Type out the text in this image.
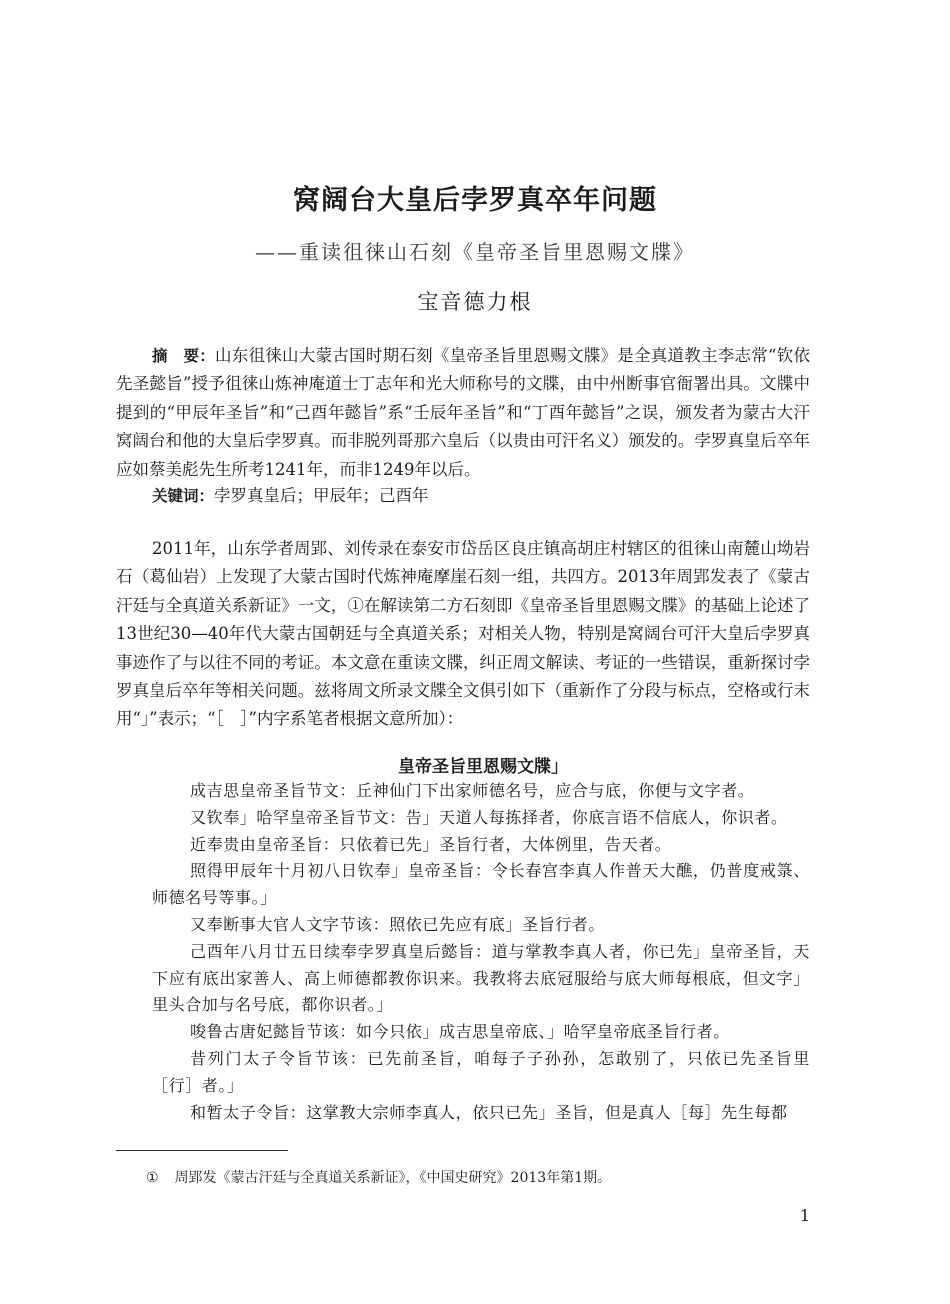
窝阔台大皇后孛罗真卒年问题
——重读徂徕山石刻《皇帝圣旨里恩赐文牒》
宝音德力根

摘　要：山东徂徕山大蒙古国时期石刻《皇帝圣旨里恩赐文牒》是全真道教主李志常“钦依先圣懿旨”授予徂徕山炼神庵道士丁志年和光大师称号的文牒，由中州断事官衙署出具。文牒中提到的“甲辰年圣旨”和“己酉年懿旨”系“壬辰年圣旨”和“丁酉年懿旨”之误，颁发者为蒙古大汗窝阔台和他的大皇后孛罗真。而非脱列哥那六皇后（以贵由可汗名义）颁发的。孛罗真皇后卒年应如蔡美彪先生所考1241年，而非1249年以后。

关键词：孛罗真皇后；甲辰年；己酉年

2011年，山东学者周郢、刘传录在泰安市岱岳区良庄镇高胡庄村辖区的徂徕山南麓山坳岩石（葛仙岩）上发现了大蒙古国时代炼神庵摩崖石刻一组，共四方。2013年周郢发表了《蒙古汗廷与全真道关系新证》一文，①在解读第二方石刻即《皇帝圣旨里恩赐文牒》的基础上论述了13世纪30—40年代大蒙古国朝廷与全真道关系；对相关人物，特别是窝阔台可汗大皇后孛罗真事迹作了与以往不同的考证。本文意在重读文牒，纠正周文解读、考证的一些错误，重新探讨孛罗真皇后卒年等相关问题。兹将周文所录文牒全文俱引如下（重新作了分段与标点，空格或行末用“」”表示；“［　］”内字系笔者根据文意所加）：

皇帝圣旨里恩赐文牒」

成吉思皇帝圣旨节文：丘神仙门下出家师德名号，应合与底，你便与文字者。

又钦奉」哈罕皇帝圣旨节文：告」天道人每拣择者，你底言语不信底人，你识者。

近奉贵由皇帝圣旨：只依着已先」圣旨行者，大体例里，告天者。

照得甲辰年十月初八日钦奉」皇帝圣旨：令长春宫李真人作普天大醮，仍普度戒箓、师德名号等事。」

又奉断事大官人文字节该：照依已先应有底」圣旨行者。

己酉年八月廿五日续奉孛罗真皇后懿旨：道与掌教李真人者，你已先」皇帝圣旨，天下应有底出家善人、高上师德都教你识来。我教将去底冠服给与底大师每根底，但文字」里头合加与名号底，都你识者。」

唆鲁古唐妃懿旨节该：如今只依」成吉思皇帝底、」哈罕皇帝底圣旨行者。

昔列门太子令旨节该：已先前圣旨，咱每子子孙孙，怎敢别了，只依已先圣旨里［行］者。」

和暂太子令旨：这掌教大宗师李真人，依只已先」圣旨，但是真人［每］先生每都

① 周郢发《蒙古汗廷与全真道关系新证》，《中国史研究》2013年第1期。
1
